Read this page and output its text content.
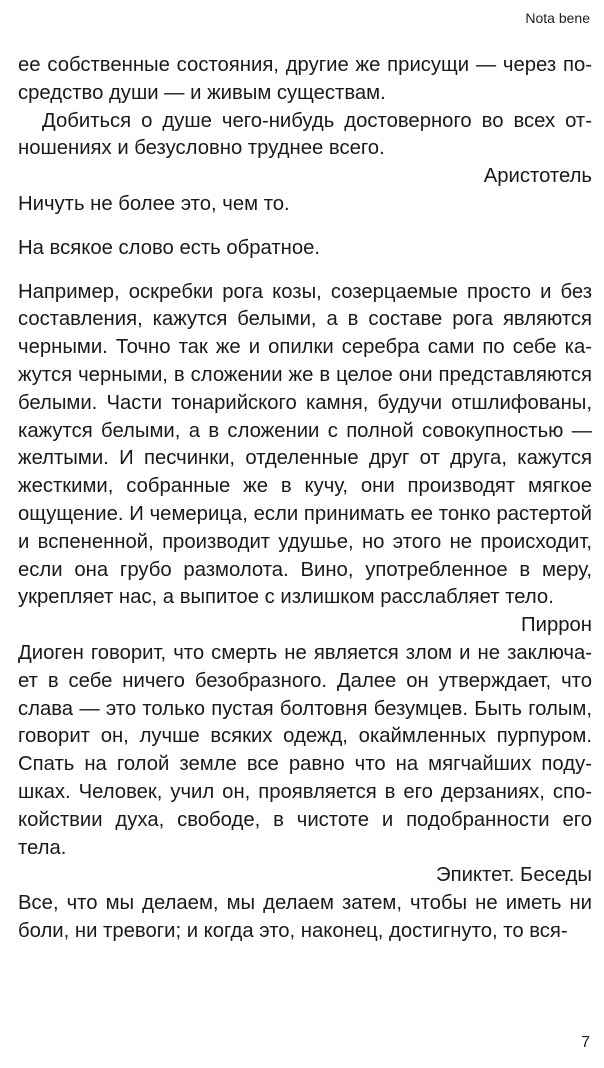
Nota bene

ее собственные состояния, другие же присущи — через посредство души — и живым существам.

Добиться о душе чего-нибудь достоверного во всех отношениях и безусловно труднее всего.

Аристотель

Ничуть не более это, чем то.

На всякое слово есть обратное.

Например, оскребки рога козы, созерцаемые просто и без составления, кажутся белыми, а в составе рога являются черными. Точно так же и опилки серебра сами по себе кажутся черными, в сложении же в целое они представляются белыми. Части тонарийского камня, будучи отшлифованы, кажутся белыми, а в сложении с полной совокупностью — желтыми. И песчинки, отделенные друг от друга, кажутся жесткими, собранные же в кучу, они производят мягкое ощущение. И чемерица, если принимать ее тонко растертой и вспененной, производит удушье, но этого не происходит, если она грубо размолота. Вино, употребленное в меру, укрепляет нас, а выпитое с излишком расслабляет тело.

Пиррон

Диоген говорит, что смерть не является злом и не заключает в себе ничего безобразного. Далее он утверждает, что слава — это только пустая болтовня безумцев. Быть голым, говорит он, лучше всяких одежд, окаймленных пурпуром. Спать на голой земле все равно что на мягчайших подушках. Человек, учил он, проявляется в его дерзаниях, спокойствии духа, свободе, в чистоте и подобранности его тела.

Эпиктет. Беседы

Все, что мы делаем, мы делаем затем, чтобы не иметь ни боли, ни тревоги; и когда это, наконец, достигнуто, то вся-

7
